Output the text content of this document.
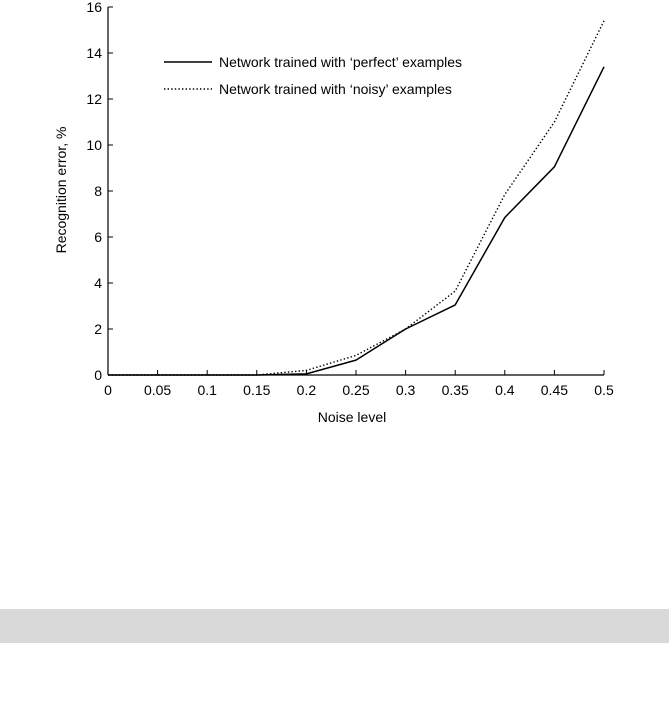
0 0.05 0.1 0.15 0.2 0.25 0.3 0.35 0.4 0.45 0.5
0
2
4
6
8
10
12
14
16
Network trained with ‘perfect’ examples
Network trained with ‘noisy’ examples
Noise level
Recognition error, %
